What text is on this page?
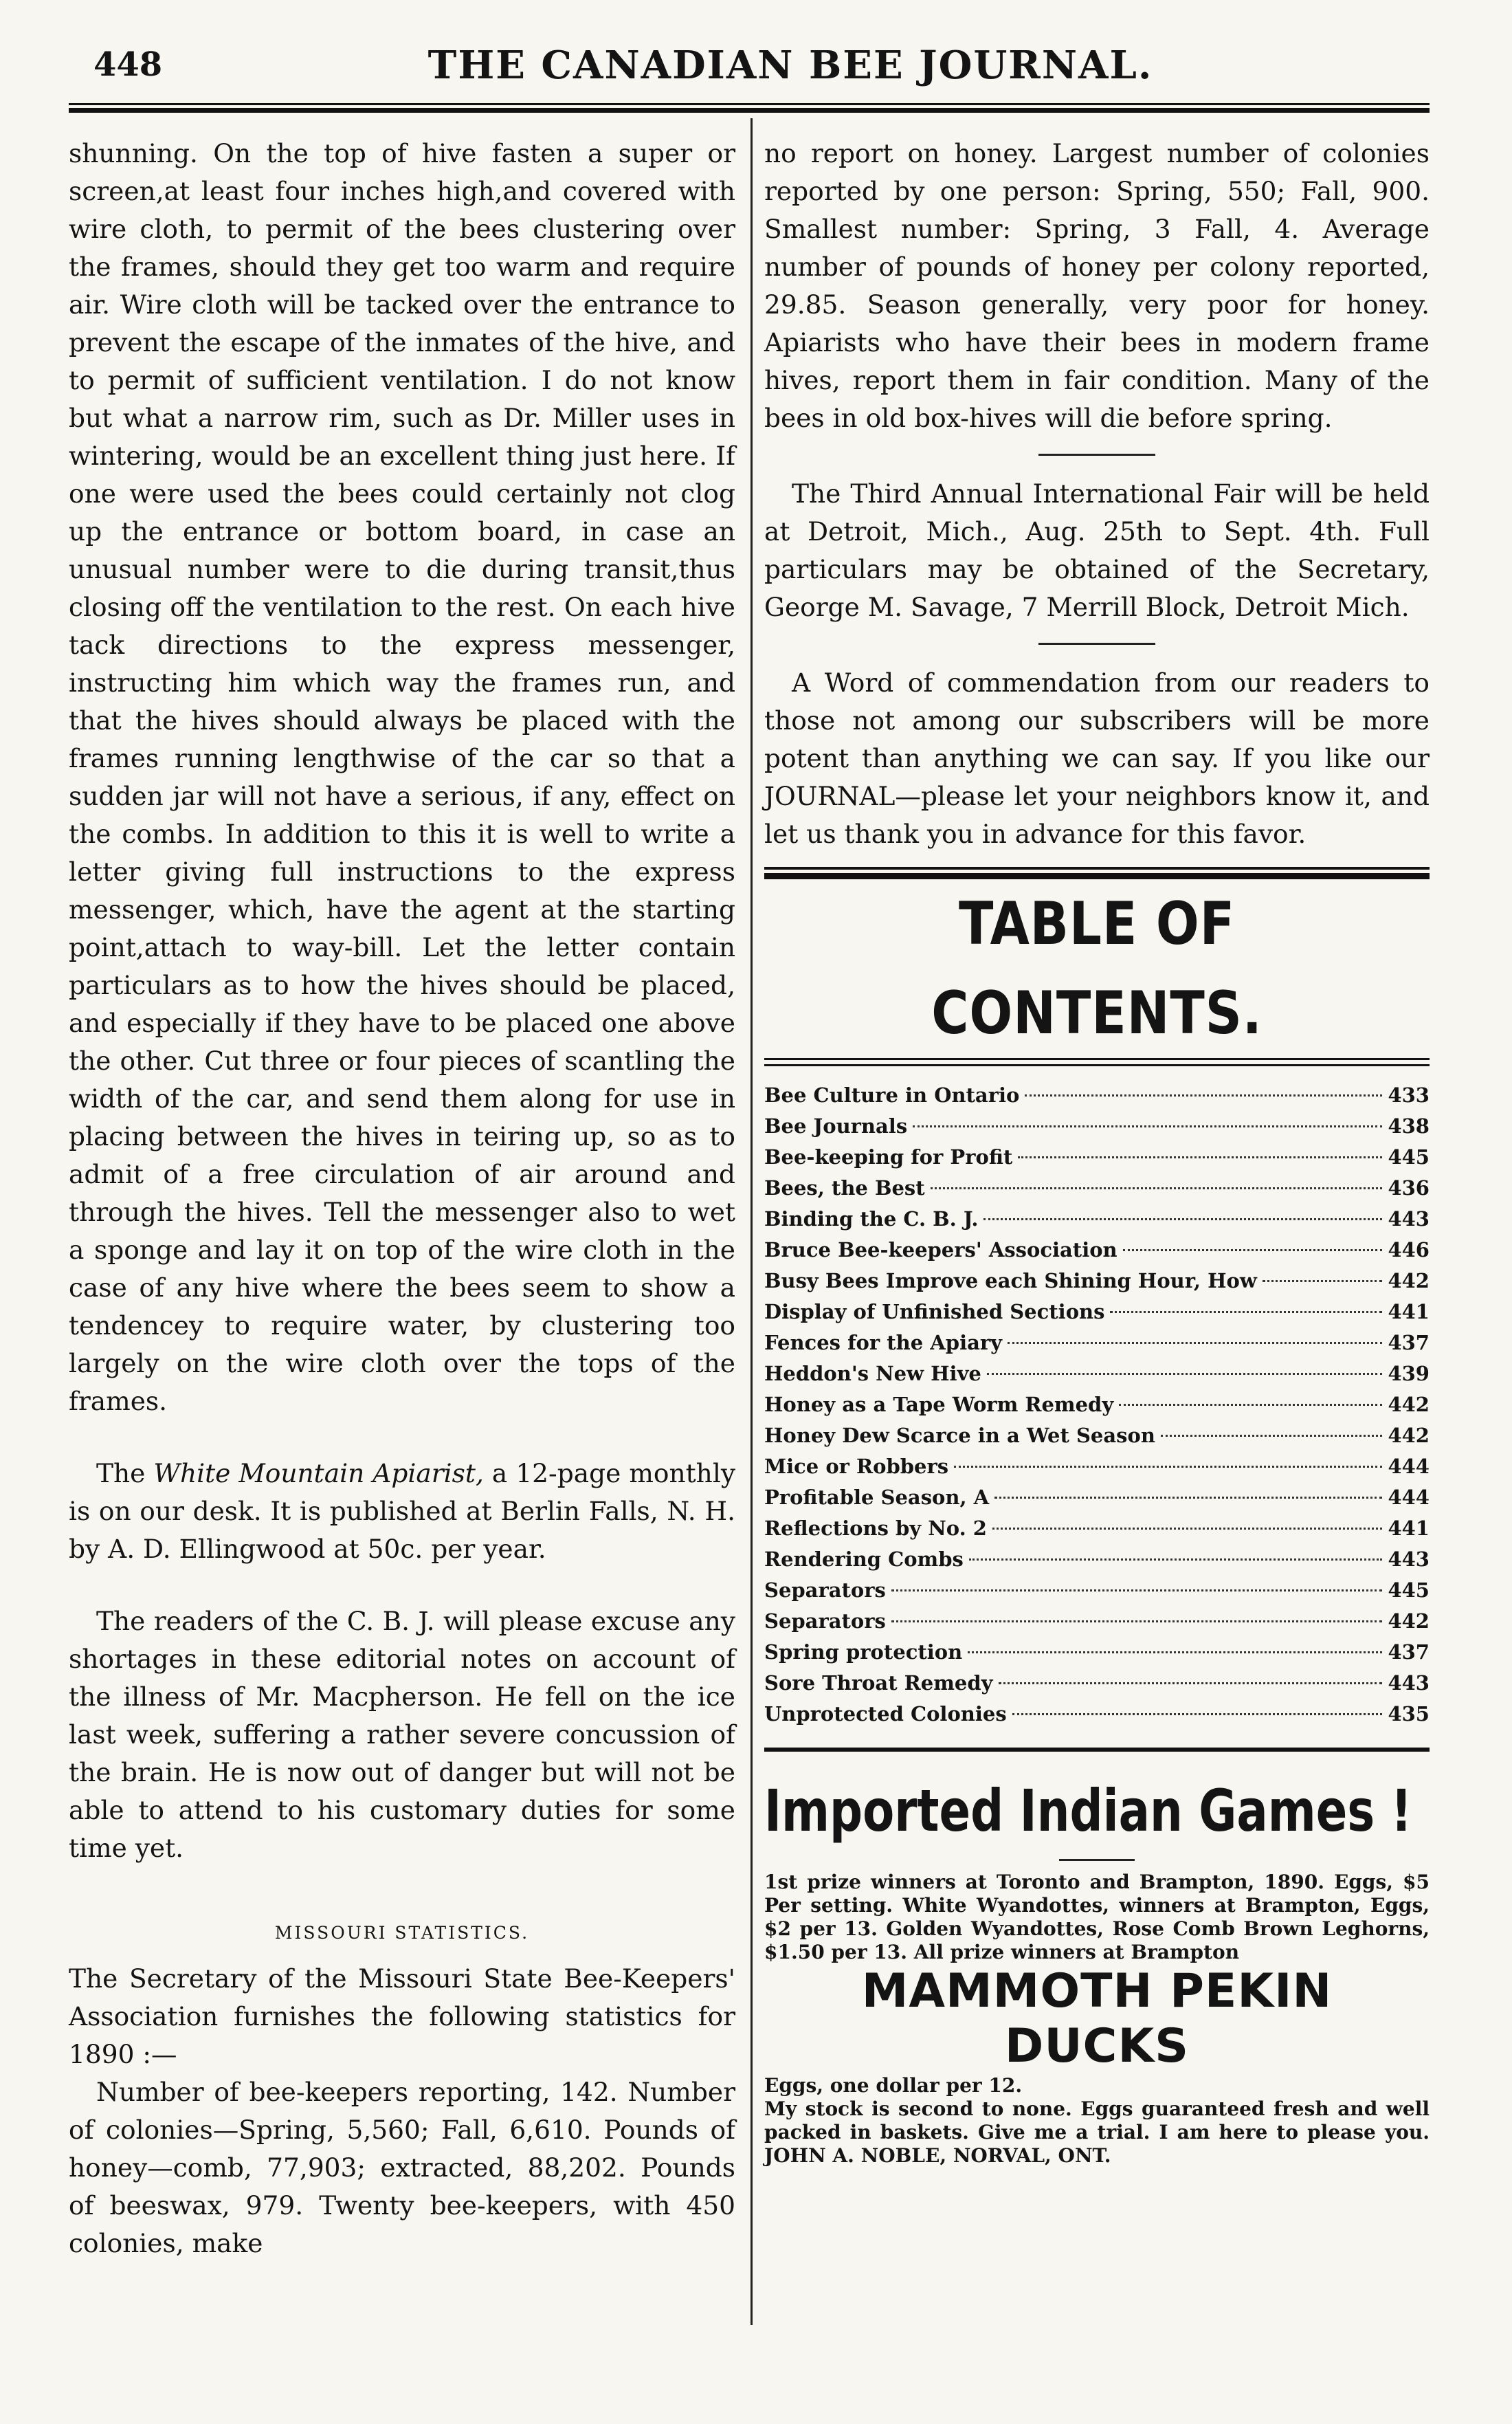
448	THE CANADIAN BEE JOURNAL.

shunning. On the top of hive fasten a super or screen,at least four inches high,and covered with wire cloth, to permit of the bees clustering over the frames, should they get too warm and require air. Wire cloth will be tacked over the entrance to prevent the escape of the inmates of the hive, and to permit of sufficient ventilation. I do not know but what a narrow rim, such as Dr. Miller uses in wintering, would be an excellent thing just here. If one were used the bees could certainly not clog up the entrance or bottom board, in case an unusual number were to die during transit,thus closing off the ventilation to the rest. On each hive tack directions to the express messenger, instructing him which way the frames run, and that the hives should always be placed with the frames running lengthwise of the car so that a sudden jar will not have a serious, if any, effect on the combs. In addition to this it is well to write a letter giving full instructions to the express messenger, which, have the agent at the starting point,attach to way-bill. Let the letter contain particulars as to how the hives should be placed, and especially if they have to be placed one above the other. Cut three or four pieces of scantling the width of the car, and send them along for use in placing between the hives in teiring up, so as to admit of a free circulation of air around and through the hives. Tell the messenger also to wet a sponge and lay it on top of the wire cloth in the case of any hive where the bees seem to show a tendencey to require water, by clustering too largely on the wire cloth over the tops of the frames.

The White Mountain Apiarist, a 12-page monthly is on our desk. It is published at Berlin Falls, N. H. by A. D. Ellingwood at 50c. per year.

The readers of the C. B. J. will please excuse any shortages in these editorial notes on account of the illness of Mr. Macpherson. He fell on the ice last week, suffering a rather severe concussion of the brain. He is now out of danger but will not be able to attend to his customary duties for some time yet.

MISSOURI STATISTICS.

The Secretary of the Missouri State Bee-Keepers' Association furnishes the following statistics for 1890 :—

Number of bee-keepers reporting, 142. Number of colonies—Spring, 5,560; Fall, 6,610. Pounds of honey—comb, 77,903; extracted, 88,202. Pounds of beeswax, 979. Twenty bee-keepers, with 450 colonies, make

no report on honey. Largest number of colonies reported by one person: Spring, 550; Fall, 900. Smallest number: Spring, 3 Fall, 4. Average number of pounds of honey per colony reported, 29.85. Season generally, very poor for honey. Apiarists who have their bees in modern frame hives, report them in fair condition. Many of the bees in old box-hives will die before spring.

The Third Annual International Fair will be held at Detroit, Mich., Aug. 25th to Sept. 4th. Full particulars may be obtained of the Secretary, George M. Savage, 7 Merrill Block, Detroit Mich.

A Word of commendation from our readers to those not among our subscribers will be more potent than anything we can say. If you like our JOURNAL—please let your neighbors know it, and let us thank you in advance for this favor.

TABLE OF CONTENTS.
Bee Culture in Ontario	433
Bee Journals	438
Bee-keeping for Profit	445
Bees, the Best	436
Binding the C. B. J.	443
Bruce Bee-keepers' Association	446
Busy Bees Improve each Shining Hour, How	442
Display of Unfinished Sections	441
Fences for the Apiary	437
Heddon's New Hive	439
Honey as a Tape Worm Remedy	442
Honey Dew Scarce in a Wet Season	442
Mice or Robbers	444
Profitable Season, A	444
Reflections by No. 2	441
Rendering Combs	443
Separators	445
Separators	442
Spring protection	437
Sore Throat Remedy	443
Unprotected Colonies	435
Imported Indian Games !

1st prize winners at Toronto and Brampton, 1890. Eggs, $5 Per setting. White Wyandottes, winners at Brampton, Eggs, $2 per 13. Golden Wyandottes, Rose Comb Brown Leghorns, $1.50 per 13. All prize winners at Brampton

MAMMOTH PEKIN DUCKS

Eggs, one dollar per 12.

My stock is second to none. Eggs guaranteed fresh and well packed in baskets. Give me a trial. I am here to please you. JOHN A. NOBLE, NORVAL, ONT.
